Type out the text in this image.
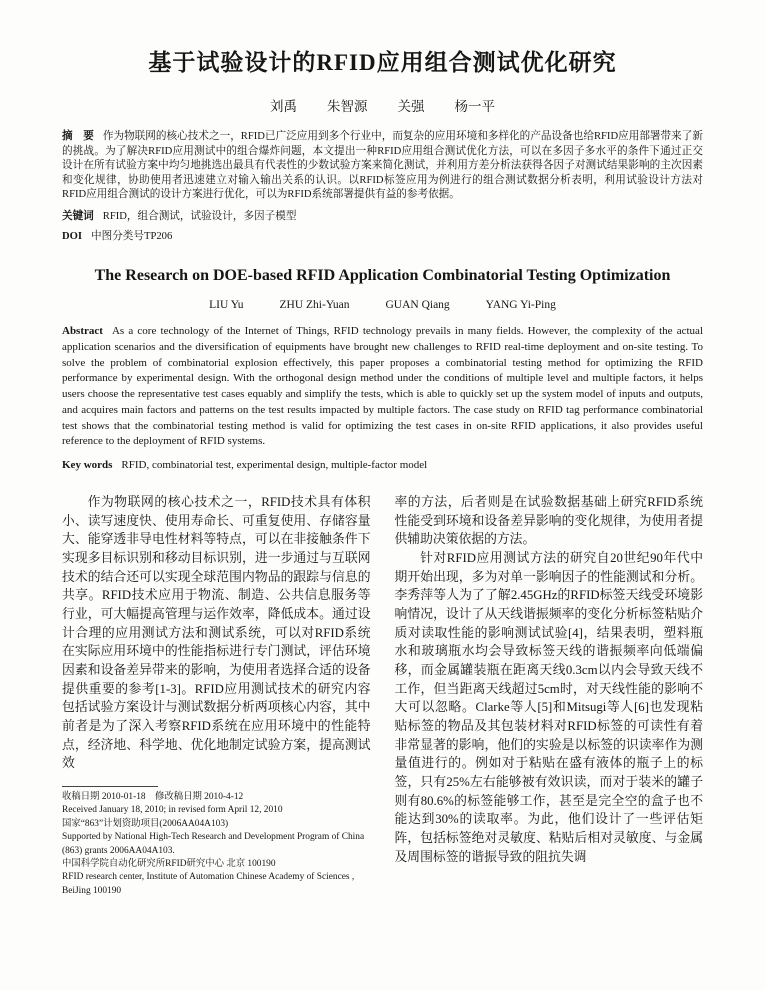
基于试验设计的RFID应用组合测试优化研究
刘禹 朱智源 关强 杨一平

摘　要 作为物联网的核心技术之一，RFID已广泛应用到多个行业中，而复杂的应用环境和多样化的产品设备也给RFID应用部署带来了新的挑战。为了解决RFID应用测试中的组合爆炸问题，本文提出一种RFID应用组合测试优化方法，可以在多因子多水平的条件下通过正交设计在所有试验方案中均匀地挑选出最具有代表性的少数试验方案来简化测试，并利用方差分析法获得各因子对测试结果影响的主次因素和变化规律，协助使用者迅速建立对输入输出关系的认识。以RFID标签应用为例进行的组合测试数据分析表明，利用试验设计方法对RFID应用组合测试的设计方案进行优化，可以为RFID系统部署提供有益的参考依据。

关键词 RFID，组合测试，试验设计，多因子模型

DOI 中图分类号TP206

The Research on DOE-based RFID Application Combinatorial Testing Optimization
LIU Yu	ZHU Zhi-Yuan	GUAN Qiang	YANG Yi-Ping

Abstract As a core technology of the Internet of Things, RFID technology prevails in many fields. However, the complexity of the actual application scenarios and the diversification of equipments have brought new challenges to RFID real-time deployment and on-site testing. To solve the problem of combinatorial explosion effectively, this paper proposes a combinatorial testing method for optimizing the RFID performance by experimental design. With the orthogonal design method under the conditions of multiple level and multiple factors, it helps users choose the representative test cases equably and simplify the tests, which is able to quickly set up the system model of inputs and outputs, and acquires main factors and patterns on the test results impacted by multiple factors. The case study on RFID tag performance combinatorial test shows that the combinatorial testing method is valid for optimizing the test cases in on-site RFID applications, it also provides useful reference to the deployment of RFID systems.

Key words RFID, combinatorial test, experimental design, multiple-factor model

作为物联网的核心技术之一，RFID技术具有体积小、读写速度快、使用寿命长、可重复使用、存储容量大、能穿透非导电性材料等特点，可以在非接触条件下实现多目标识别和移动目标识别，进一步通过与互联网技术的结合还可以实现全球范围内物品的跟踪与信息的共享。RFID技术应用于物流、制造、公共信息服务等行业，可大幅提高管理与运作效率，降低成本。通过设计合理的应用测试方法和测试系统，可以对RFID系统在实际应用环境中的性能指标进行专门测试，评估环境因素和设备差异带来的影响，为使用者选择合适的设备提供重要的参考[1-3]。RFID应用测试技术的研究内容包括试验方案设计与测试数据分析两项核心内容，其中前者是为了深入考察RFID系统在应用环境中的性能特点，经济地、科学地、优化地制定试验方案，提高测试效

收稿日期 2010-01-18　修改稿日期 2010-4-12
Received January 18, 2010; in revised form April 12, 2010
国家“863”计划资助项目(2006AA04A103)
Supported by National High-Tech Research and Development Program of China (863) grants 2006AA04A103.
中国科学院自动化研究所RFID研究中心 北京 100190
RFID research center, Institute of Automation Chinese Academy of Sciences , BeiJing 100190

率的方法，后者则是在试验数据基础上研究RFID系统性能受到环境和设备差异影响的变化规律，为使用者提供辅助决策依据的方法。

针对RFID应用测试方法的研究自20世纪90年代中期开始出现，多为对单一影响因子的性能测试和分析。李秀萍等人为了了解2.45GHz的RFID标签天线受环境影响情况，设计了从天线谐振频率的变化分析标签粘贴介质对读取性能的影响测试试验[4]，结果表明，塑料瓶水和玻璃瓶水均会导致标签天线的谐振频率向低端偏移，而金属罐装瓶在距离天线0.3cm以内会导致天线不工作，但当距离天线超过5cm时，对天线性能的影响不大可以忽略。Clarke等人[5]和Mitsugi等人[6]也发现粘贴标签的物品及其包装材料对RFID标签的可读性有着非常显著的影响，他们的实验是以标签的识读率作为测量值进行的。例如对于粘贴在盛有液体的瓶子上的标签，只有25%左右能够被有效识读，而对于装米的罐子则有80.6%的标签能够工作，甚至是完全空的盒子也不能达到30%的读取率。为此，他们设计了一些评估矩阵，包括标签绝对灵敏度、粘贴后相对灵敏度、与金属及周围标签的谐振导致的阻抗失调
